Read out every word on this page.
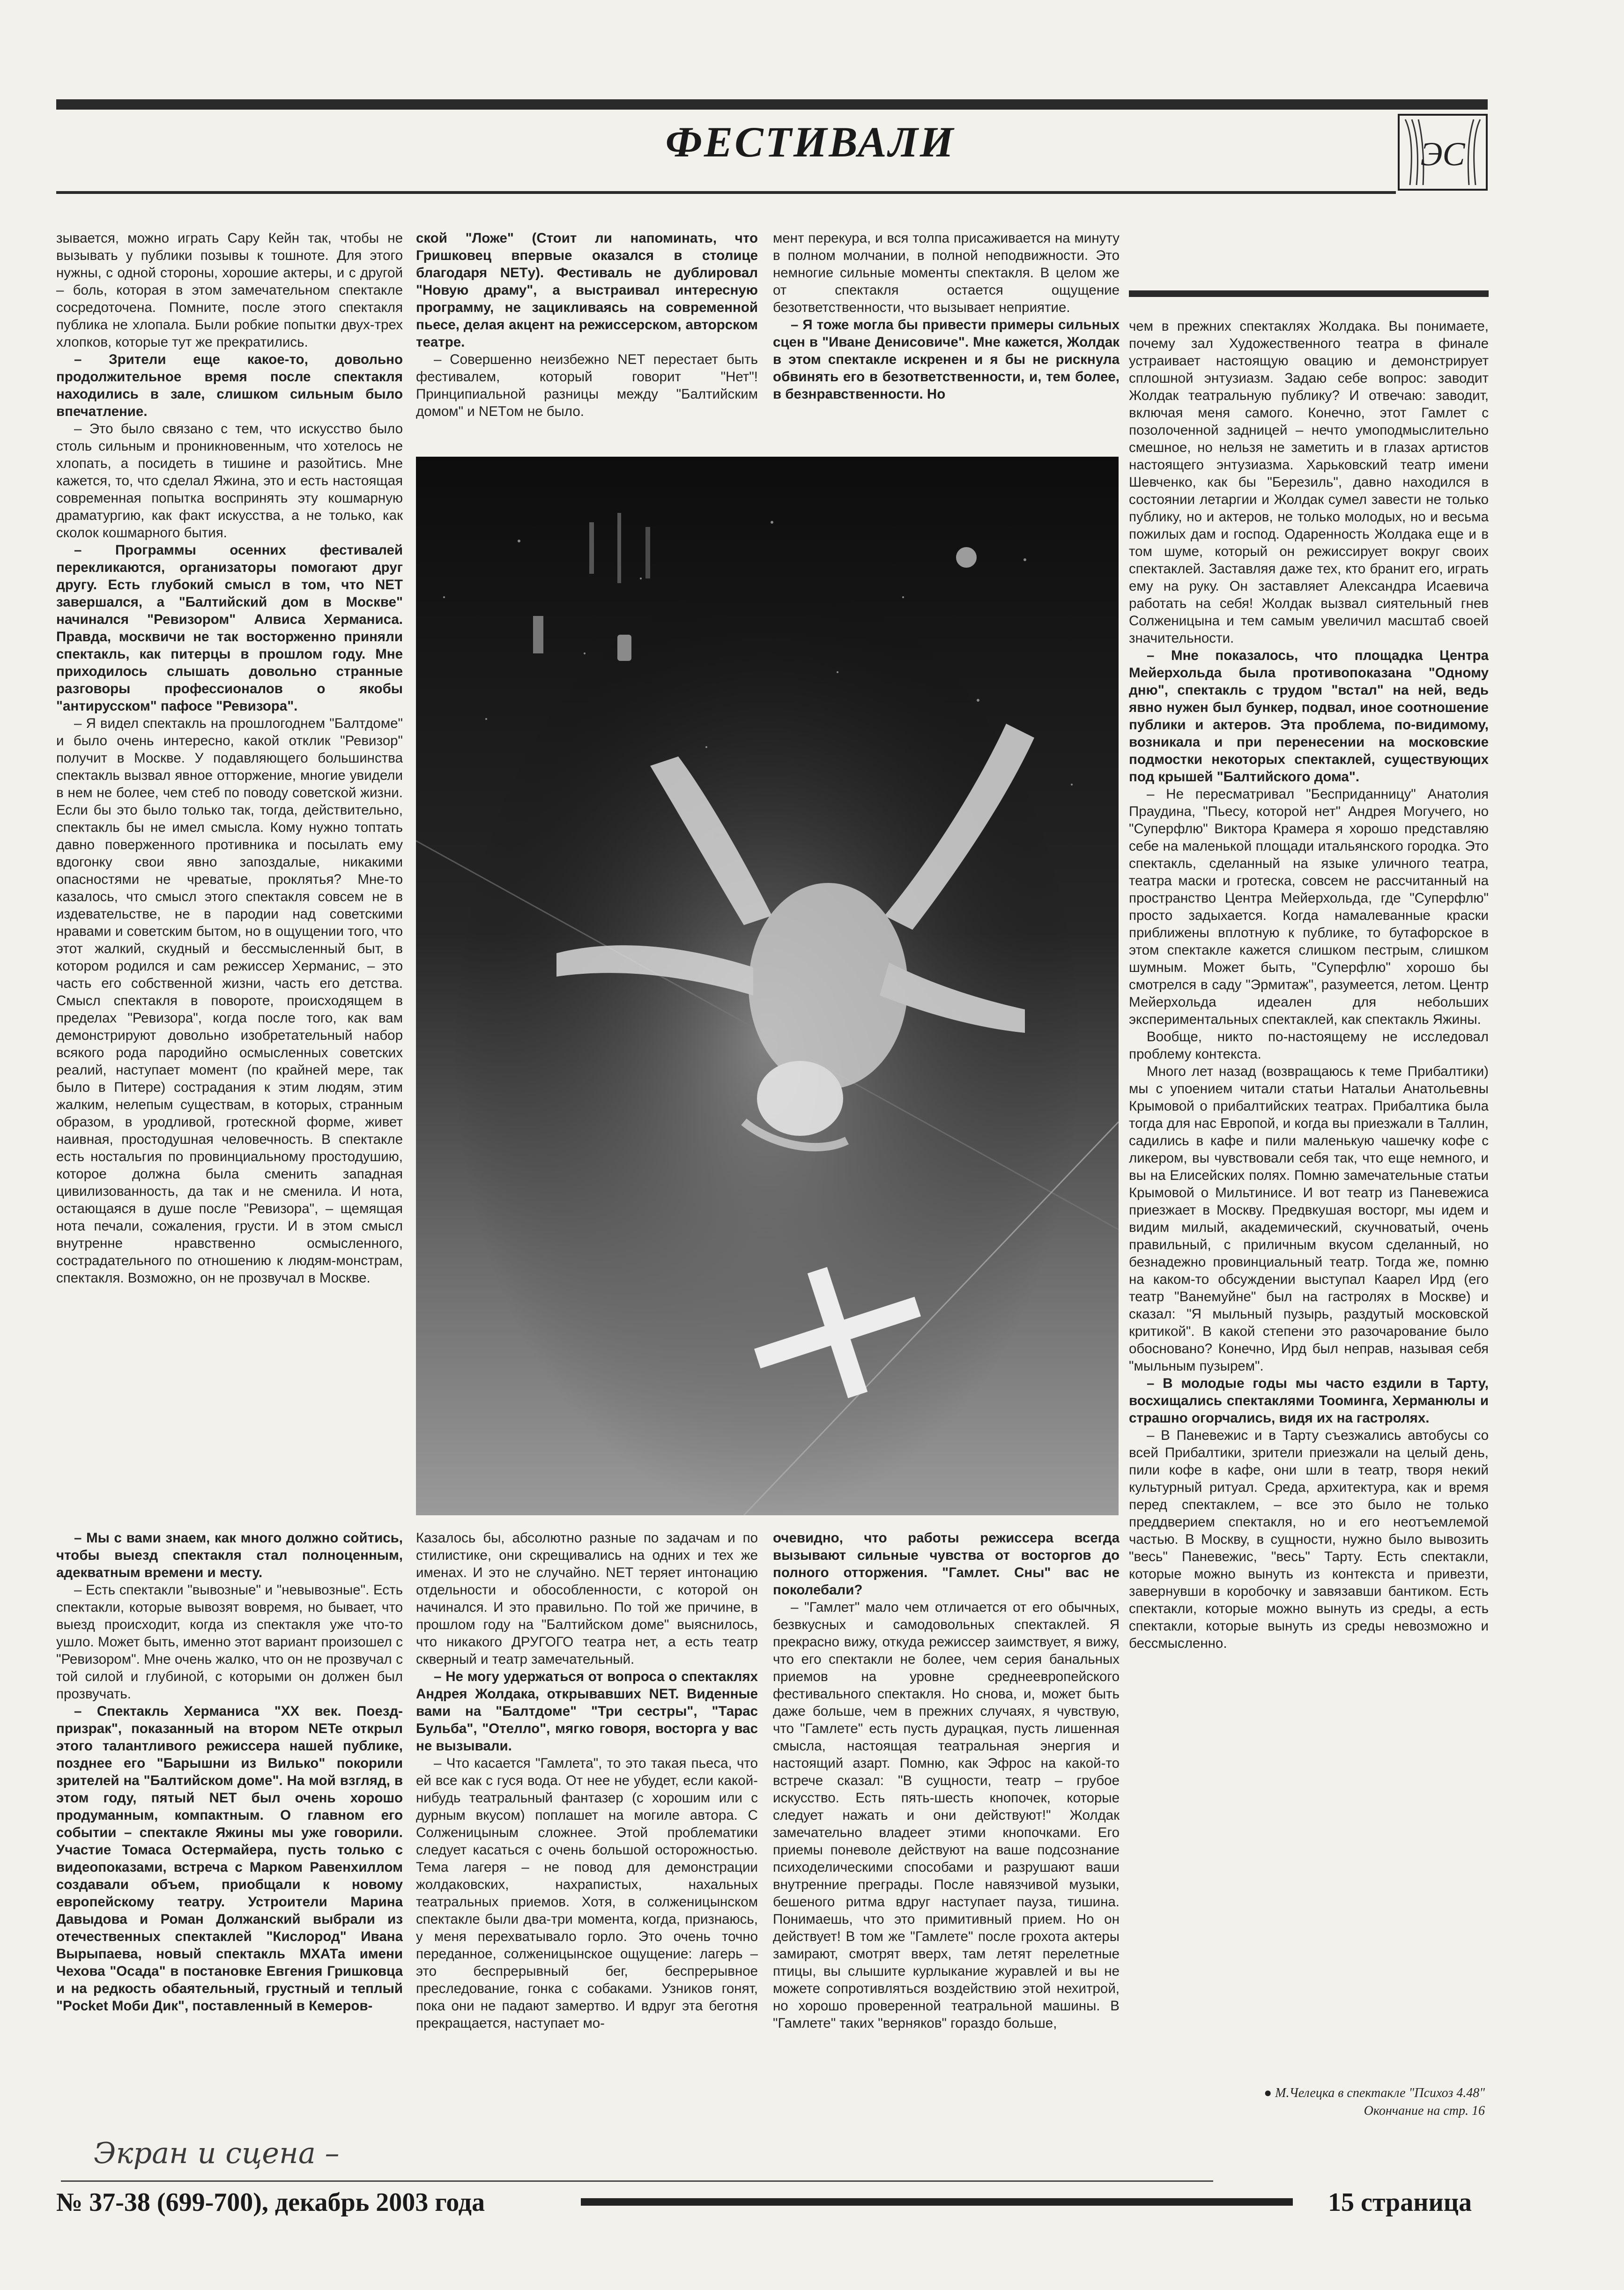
ФЕСТИВАЛИ	ЭС

зывается, можно играть Сару Кейн так, чтобы не вызывать у публики позывы к тошноте. Для этого нужны, с одной стороны, хорошие актеры, и с другой – боль, которая в этом замечательном спектакле сосредоточена. Помните, после этого спектакля публика не хлопала. Были робкие попытки двух-трех хлопков, которые тут же прекратились.

– Зрители еще какое-то, довольно продолжительное время после спектакля находились в зале, слишком сильным было впечатление.

– Это было связано с тем, что искусство было столь сильным и проникновенным, что хотелось не хлопать, а посидеть в тишине и разойтись. Мне кажется, то, что сделал Яжина, это и есть настоящая современная попытка воспринять эту кошмарную драматургию, как факт искусства, а не только, как сколок кошмарного бытия.

– Программы осенних фестивалей перекликаются, организаторы помогают друг другу. Есть глубокий смысл в том, что NET завершался, а "Балтийский дом в Москве" начинался "Ревизором" Алвиса Херманиса. Правда, москвичи не так восторженно приняли спектакль, как питерцы в прошлом году. Мне приходилось слышать довольно странные разговоры профессионалов о якобы "антирусском" пафосе "Ревизора".

– Я видел спектакль на прошлогоднем "Балтдоме" и было очень интересно, какой отклик "Ревизор" получит в Москве. У подавляющего большинства спектакль вызвал явное отторжение, многие увидели в нем не более, чем стеб по поводу советской жизни. Если бы это было только так, тогда, действительно, спектакль бы не имел смысла. Кому нужно топтать давно поверженного противника и посылать ему вдогонку свои явно запоздалые, никакими опасностями не чреватые, проклятья? Мне-то казалось, что смысл этого спектакля совсем не в издевательстве, не в пародии над советскими нравами и советским бытом, но в ощущении того, что этот жалкий, скудный и бессмысленный быт, в котором родился и сам режиссер Херманис, – это часть его собственной жизни, часть его детства. Смысл спектакля в повороте, происходящем в пределах "Ревизора", когда после того, как вам демонстрируют довольно изобретательный набор всякого рода пародийно осмысленных советских реалий, наступает момент (по крайней мере, так было в Питере) сострадания к этим людям, этим жалким, нелепым существам, в которых, странным образом, в уродливой, гротескной форме, живет наивная, простодушная человечность. В спектакле есть ностальгия по провинциальному простодушию, которое должна была сменить западная цивилизованность, да так и не сменила. И нота, остающаяся в душе после "Ревизора", – щемящая нота печали, сожаления, грусти. И в этом смысл внутренне нравственно осмысленного, сострадательного по отношению к людям-монстрам, спектакля. Возможно, он не прозвучал в Москве.

– Мы с вами знаем, как много должно сойтись, чтобы выезд спектакля стал полноценным, адекватным времени и месту.

– Есть спектакли "вывозные" и "невывозные". Есть спектакли, которые вывозят вовремя, но бывает, что выезд происходит, когда из спектакля уже что-то ушло. Может быть, именно этот вариант произошел с "Ревизором". Мне очень жалко, что он не прозвучал с той силой и глубиной, с которыми он должен был прозвучать.

– Спектакль Херманиса "ХХ век. Поезд-призрак", показанный на втором NETe открыл этого талантливого режиссера нашей публике, позднее его "Барышни из Вилько" покорили зрителей на "Балтийском доме". На мой взгляд, в этом году, пятый NET был очень хорошо продуманным, компактным. О главном его событии – спектакле Яжины мы уже говорили. Участие Томаса Остермайера, пусть только с видеопоказами, встреча с Марком Равенхиллом создавали объем, приобщали к новому европейскому театру. Устроители Марина Давыдова и Роман Должанский выбрали из отечественных спектаклей "Кислород" Ивана Вырыпаева, новый спектакль МХАТа имени Чехова "Осада" в постановке Евгения Гришковца и на редкость обаятельный, грустный и теплый "Pocket Моби Дик", поставленный в Кемеров-

ской "Ложе" (Стоит ли напоминать, что Гришковец впервые оказался в столице благодаря NETу). Фестиваль не дублировал "Новую драму", а выстраивал интересную программу, не зацикливаясь на современной пьесе, делая акцент на режиссерском, авторском театре.

– Совершенно неизбежно NET перестает быть фестивалем, который говорит "Нет"! Принципиальной разницы между "Балтийским домом" и NETом не было.

мент перекура, и вся толпа присаживается на минуту в полном молчании, в полной неподвижности. Это немногие сильные моменты спектакля. В целом же от спектакля остается ощущение безответственности, что вызывает неприятие.

– Я тоже могла бы привести примеры сильных сцен в "Иване Денисовиче". Мне кажется, Жолдак в этом спектакле искренен и я бы не рискнула обвинять его в безответственности, и, тем более, в безнравственности. Но

Казалось бы, абсолютно разные по задачам и по стилистике, они скрещивались на одних и тех же именах. И это не случайно. NET теряет интонацию отдельности и обособленности, с которой он начинался. И это правильно. По той же причине, в прошлом году на "Балтийском доме" выяснилось, что никакого ДРУГОГО театра нет, а есть театр скверный и театр замечательный.

– Не могу удержаться от вопроса о спектаклях Андрея Жолдака, открывавших NET. Виденные вами на "Балтдоме" "Три сестры", "Тарас Бульба", "Отелло", мягко говоря, восторга у вас не вызывали.

– Что касается "Гамлета", то это такая пьеса, что ей все как с гуся вода. От нее не убудет, если какой-нибудь театральный фантазер (с хорошим или с дурным вкусом) поплашет на могиле автора. С Солженицыным сложнее. Этой проблематики следует касаться с очень большой осторожностью. Тема лагеря – не повод для демонстрации жолдаковских, нахрапистых, нахальных театральных приемов. Хотя, в солженицынском спектакле были два-три момента, когда, признаюсь, у меня перехватывало горло. Это очень точно переданное, солженицынское ощущение: лагерь – это беспрерывный бег, беспрерывное преследование, гонка с собаками. Узников гонят, пока они не падают замертво. И вдруг эта беготня прекращается, наступает мо-

очевидно, что работы режиссера всегда вызывают сильные чувства от восторгов до полного отторжения. "Гамлет. Сны" вас не поколебали?

– "Гамлет" мало чем отличается от его обычных, безвкусных и самодовольных спектаклей. Я прекрасно вижу, откуда режиссер заимствует, я вижу, что его спектакли не более, чем серия банальных приемов на уровне среднеевропейского фестивального спектакля. Но снова, и, может быть даже больше, чем в прежних случаях, я чувствую, что "Гамлете" есть пусть дурацкая, пусть лишенная смысла, настоящая театральная энергия и настоящий азарт. Помню, как Эфрос на какой-то встрече сказал: "В сущности, театр – грубое искусство. Есть пять-шесть кнопочек, которые следует нажать и они действуют!" Жолдак замечательно владеет этими кнопочками. Его приемы поневоле действуют на ваше подсознание психоделическими способами и разрушают ваши внутренние преграды. После навязчивой музыки, бешеного ритма вдруг наступает пауза, тишина. Понимаешь, что это примитивный прием. Но он действует! В том же "Гамлете" после грохота актеры замирают, смотрят вверх, там летят перелетные птицы, вы слышите курлыкание журавлей и вы не можете сопротивляться воздействию этой нехитрой, но хорошо проверенной театральной машины. В "Гамлете" таких "верняков" гораздо больше,

чем в прежних спектаклях Жолдака. Вы понимаете, почему зал Художественного театра в финале устраивает настоящую овацию и демонстрирует сплошной энтузиазм. Задаю себе вопрос: заводит Жолдак театральную публику? И отвечаю: заводит, включая меня самого. Конечно, этот Гамлет с позолоченной задницей – нечто умоподмыслительно смешное, но нельзя не заметить и в глазах артистов настоящего энтузиазма. Харьковский театр имени Шевченко, как бы "Березиль", давно находился в состоянии летаргии и Жолдак сумел завести не только публику, но и актеров, не только молодых, но и весьма пожилых дам и господ. Одаренность Жолдака еще и в том шуме, который он режиссирует вокруг своих спектаклей. Заставляя даже тех, кто бранит его, играть ему на руку. Он заставляет Александра Исаевича работать на себя! Жолдак вызвал сиятельный гнев Солженицына и тем самым увеличил масштаб своей значительности.

– Мне показалось, что площадка Центра Мейерхольда была противопоказана "Одному дню", спектакль с трудом "встал" на ней, ведь явно нужен был бункер, подвал, иное соотношение публики и актеров. Эта проблема, по-видимому, возникала и при перенесении на московские подмостки некоторых спектаклей, существующих под крышей "Балтийского дома".

– Не пересматривал "Бесприданницу" Анатолия Праудина, "Пьесу, которой нет" Андрея Могучего, но "Суперфлю" Виктора Крамера я хорошо представляю себе на маленькой площади итальянского городка. Это спектакль, сделанный на языке уличного театра, театра маски и гротеска, совсем не рассчитанный на пространство Центра Мейерхольда, где "Суперфлю" просто задыхается. Когда намалеванные краски приближены вплотную к публике, то бутафорское в этом спектакле кажется слишком пестрым, слишком шумным. Может быть, "Суперфлю" хорошо бы смотрелся в саду "Эрмитаж", разумеется, летом. Центр Мейерхольда идеален для небольших экспериментальных спектаклей, как спектакль Яжины.

Вообще, никто по-настоящему не исследовал проблему контекста.

Много лет назад (возвращаюсь к теме Прибалтики) мы с упоением читали статьи Натальи Анатольевны Крымовой о прибалтийских театрах. Прибалтика была тогда для нас Европой, и когда вы приезжали в Таллин, садились в кафе и пили маленькую чашечку кофе с ликером, вы чувствовали себя так, что еще немного, и вы на Елисейских полях. Помню замечательные статьи Крымовой о Мильтинисе. И вот театр из Паневежиса приезжает в Москву. Предвкушая восторг, мы идем и видим милый, академический, скучноватый, очень правильный, с приличным вкусом сделанный, но безнадежно провинциальный театр. Тогда же, помню на каком-то обсуждении выступал Каарел Ирд (его театр "Ванемуйне" был на гастролях в Москве) и сказал: "Я мыльный пузырь, раздутый московской критикой". В какой степени это разочарование было обосновано? Конечно, Ирд был неправ, называя себя "мыльным пузырем".

– В молодые годы мы часто ездили в Тарту, восхищались спектаклями Тооминга, Херманюлы и страшно огорчались, видя их на гастролях.

– В Паневежис и в Тарту съезжались автобусы со всей Прибалтики, зрители приезжали на целый день, пили кофе в кафе, они шли в театр, творя некий культурный ритуал. Среда, архитектура, как и время перед спектаклем, – все это было не только преддверием спектакля, но и его неотъемлемой частью. В Москву, в сущности, нужно было вывозить "весь" Паневежис, "весь" Тарту. Есть спектакли, которые можно вынуть из контекста и привезти, завернувши в коробочку и завязавши бантиком. Есть спектакли, которые можно вынуть из среды, а есть спектакли, которые вынуть из среды невозможно и бессмысленно.

● М.Челецка в спектакле "Психоз 4.48"
Окончание на стр. 16
Экран и сцена –
№ 37-38 (699-700), декабрь 2003 года	15 страница
